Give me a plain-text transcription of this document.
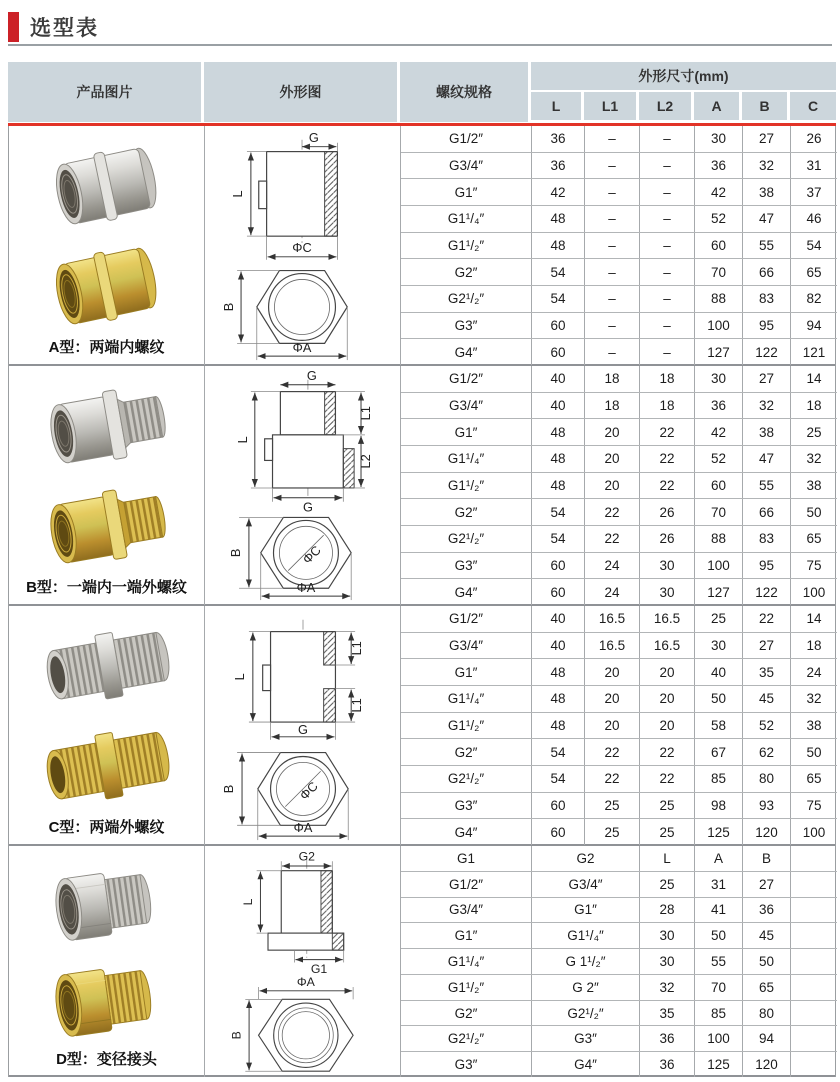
选型表
产品图片	外形图	螺纹规格
外形尺寸(mm)
L	L1	L2	A	B	C
A型：两端内螺纹
G
L
ΦC
B
ΦA
G1/2″	36	–	–	30	27	26
G3/4″	36	–	–	36	32	31
G1″	42	–	–	42	38	37
G1¹/₄″	48	–	–	52	47	46
G1¹/₂″	48	–	–	60	55	54
G2″	54	–	–	70	66	65
G2¹/₂″	54	–	–	88	83	82
G3″	60	–	–	100	95	94
G4″	60	–	–	127	122	121
B型：一端内一端外螺纹
G
L
L1
L2
G
ΦC
B
ΦA
G1/2″	40	18	18	30	27	14
G3/4″	40	18	18	36	32	18
G1″	48	20	22	42	38	25
G1¹/₄″	48	20	22	52	47	32
G1¹/₂″	48	20	22	60	55	38
G2″	54	22	26	70	66	50
G2¹/₂″	54	22	26	88	83	65
G3″	60	24	30	100	95	75
G4″	60	24	30	127	122	100
C型：两端外螺纹
L
L1
L1
G
ΦC
B
ΦA
G1/2″	40	16.5	16.5	25	22	14
G3/4″	40	16.5	16.5	30	27	18
G1″	48	20	20	40	35	24
G1¹/₄″	48	20	20	50	45	32
G1¹/₂″	48	20	20	58	52	38
G2″	54	22	22	67	62	50
G2¹/₂″	54	22	22	85	80	65
G3″	60	25	25	98	93	75
G4″	60	25	25	125	120	100
D型：变径接头
G2
L
G1
ΦA
B
G1	G2	L	A	B
G1/2″	G3/4″	25	31	27
G3/4″	G1″	28	41	36
G1″	G1¹/₄″	30	50	45
G1¹/₄″	G 1¹/₂″	30	55	50
G1¹/₂″	G 2″	32	70	65
G2″	G2¹/₂″	35	85	80
G2¹/₂″	G3″	36	100	94
G3″	G4″	36	125	120
